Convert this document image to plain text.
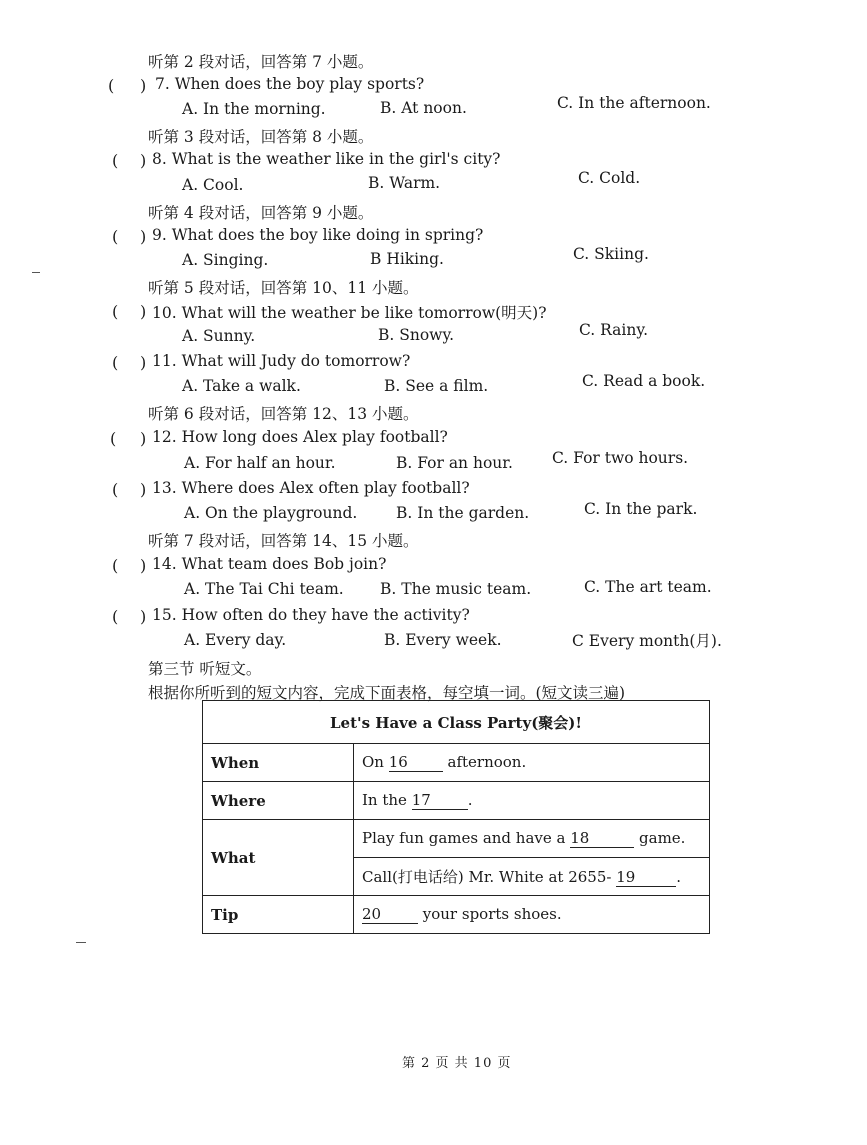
听第 2 段对话，回答第 7 小题。
听第 3 段对话，回答第 8 小题。
听第 4 段对话，回答第 9 小题。
听第 5 段对话，回答第 10、11 小题。
听第 6 段对话，回答第 12、13 小题。
听第 7 段对话，回答第 14、15 小题。
( ) 7. When does the boy play sports?
A. In the morning.	B. At noon.	C. In the afternoon.
( ) 8. What is the weather like in the girl's city?
A. Cool.	B. Warm.	C. Cold.
( ) 9. What does the boy like doing in spring?
A. Singing.	B Hiking.	C. Skiing.
( ) 10. What will the weather be like tomorrow(明天)?
A. Sunny.	B. Snowy.	C. Rainy.
( ) 11. What will Judy do tomorrow?
A. Take a walk.	B. See a film.	C. Read a book.
( ) 12. How long does Alex play football?
A. For half an hour.	B. For an hour.	C. For two hours.
( ) 13. Where does Alex often play football?
A. On the playground. B. In the garden.	C. In the park.
( ) 14. What team does Bob join?
A. The Tai Chi team. B. The music team.	C. The art team.
( ) 15. How often do they have the activity?
A. Every day.	B. Every week.	C Every month(月).
第三节 听短文。
根据你所听到的短文内容，完成下面表格，每空填一词。(短文读三遍)
Let's Have a Class Party(聚会)!	
When	On 16 afternoon.
Where	In the 17 .
What	Play fun games and have a 18 game.
	Call(打电话给) Mr. White at 2655- 19 .
Tip	20 your sports shoes.
第 2 页 共 10 页
